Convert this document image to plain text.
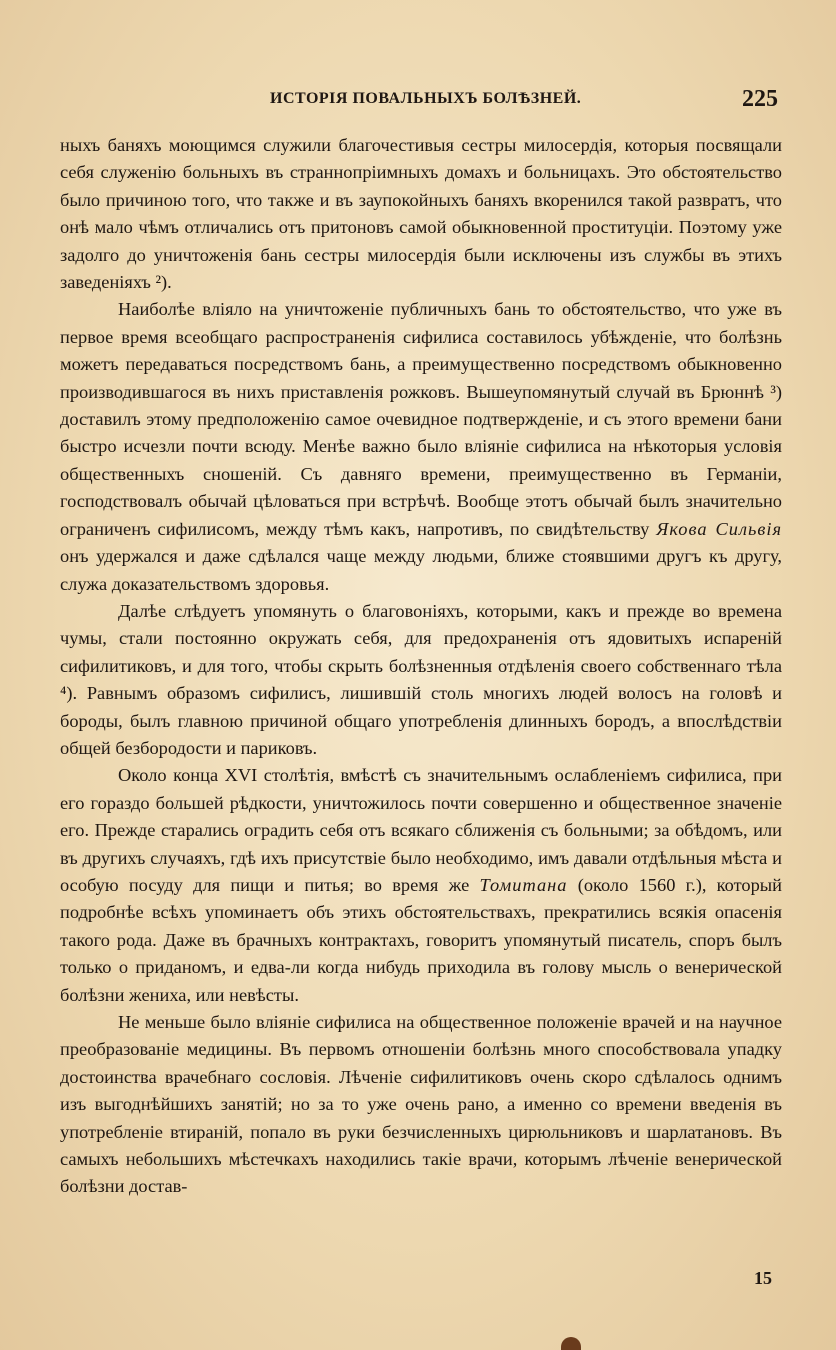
ИСТОРІЯ ПОВАЛЬНЫХЪ БОЛѢЗНЕЙ.	225

ныхъ баняхъ моющимся служили благочестивыя сестры милосердія, которыя посвящали себя служенію больныхъ въ страннопріимныхъ домахъ и больницахъ. Это обстоятельство было причиною того, что также и въ заупокойныхъ баняхъ вкоренился такой развратъ, что онѣ мало чѣмъ отличались отъ притоновъ самой обыкновенной проституціи. Поэтому уже задолго до уничтоженія бань сестры милосердія были исключены изъ службы въ этихъ заведеніяхъ ²).

Наиболѣе вліяло на уничтоженіе публичныхъ бань то обстоятельство, что уже въ первое время всеобщаго распространенія сифилиса составилось убѣжденіе, что болѣзнь можетъ передаваться посредствомъ бань, а преимущественно посредствомъ обыкновенно производившагося въ нихъ приставленія рожковъ. Вышеупомянутый случай въ Брюннѣ ³) доставилъ этому предположенію самое очевидное подтвержденіе, и съ этого времени бани быстро исчезли почти всюду. Менѣе важно было вліяніе сифилиса на нѣкоторыя условія общественныхъ сношеній. Съ давняго времени, преимущественно въ Германіи, господствовалъ обычай цѣловаться при встрѣчѣ. Вообще этотъ обычай былъ значительно ограниченъ сифилисомъ, между тѣмъ какъ, напротивъ, по свидѣтельству Якова Сильвія онъ удержался и даже сдѣлался чаще между людьми, ближе стоявшими другъ къ другу, служа доказательствомъ здоровья.

Далѣе слѣдуетъ упомянуть о благовоніяхъ, которыми, какъ и прежде во времена чумы, стали постоянно окружать себя, для предохраненія отъ ядовитыхъ испареній сифилитиковъ, и для того, чтобы скрыть болѣзненныя отдѣленія своего собственнаго тѣла ⁴). Равнымъ образомъ сифилисъ, лишившій столь многихъ людей волосъ на головѣ и бороды, былъ главною причиной общаго употребленія длинныхъ бородъ, а впослѣдствіи общей безбородости и париковъ.

Около конца XVI столѣтія, вмѣстѣ съ значительнымъ ослабленіемъ сифилиса, при его гораздо большей рѣдкости, уничтожилось почти совершенно и общественное значеніе его. Прежде старались оградить себя отъ всякаго сближенія съ больными; за обѣдомъ, или въ другихъ случаяхъ, гдѣ ихъ присутствіе было необходимо, имъ давали отдѣльныя мѣста и особую посуду для пищи и питья; во время же Томитана (около 1560 г.), который подробнѣе всѣхъ упоминаетъ объ этихъ обстоятельствахъ, прекратились всякія опасенія такого рода. Даже въ брачныхъ контрактахъ, говоритъ упомянутый писатель, споръ былъ только о приданомъ, и едва-ли когда нибудь приходила въ голову мысль о венерической болѣзни жениха, или невѣсты.

Не меньше было вліяніе сифилиса на общественное положеніе врачей и на научное преобразованіе медицины. Въ первомъ отношеніи болѣзнь много способствовала упадку достоинства врачебнаго сословія. Лѣченіе сифилитиковъ очень скоро сдѣлалось однимъ изъ выгоднѣйшихъ занятій; но за то уже очень рано, а именно со времени введенія въ употребленіе втираній, попало въ руки безчисленныхъ цирюльниковъ и шарлатановъ. Въ самыхъ небольшихъ мѣстечкахъ находились такіе врачи, которымъ лѣченіе венерической болѣзни достав-

15
